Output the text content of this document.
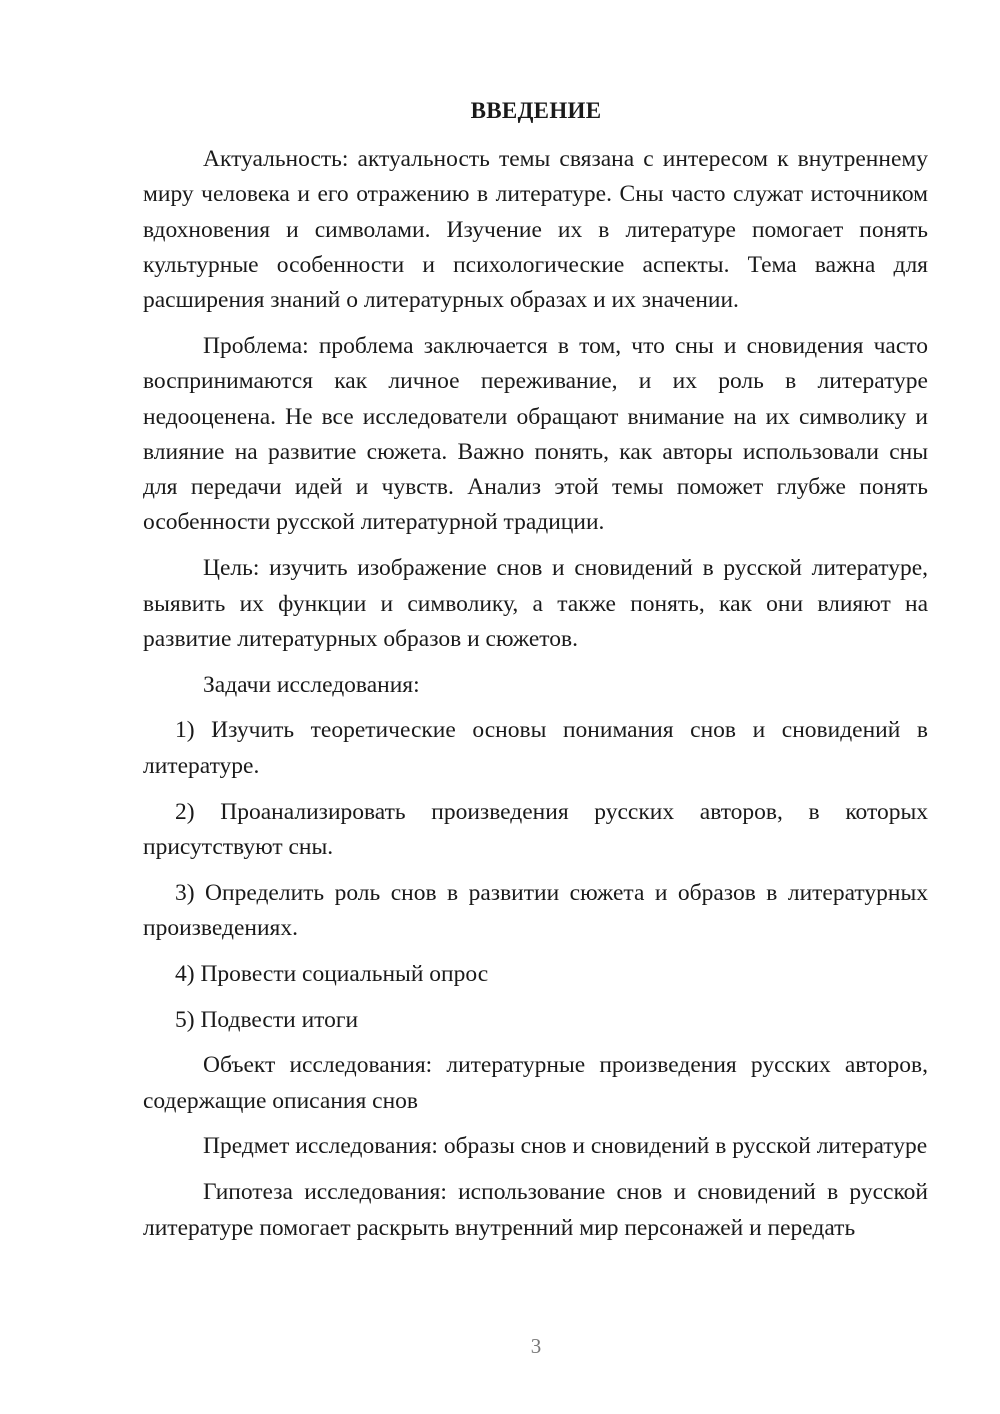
ВВЕДЕНИЕ

Актуальность: актуальность темы связана с интересом к внутреннему миру человека и его отражению в литературе. Сны часто служат источником вдохновения и символами. Изучение их в литературе помогает понять культурные особенности и психологические аспекты. Тема важна для расширения знаний о литературных образах и их значении.

Проблема: проблема заключается в том, что сны и сновидения часто воспринимаются как личное переживание, и их роль в литературе недооценена. Не все исследователи обращают внимание на их символику и влияние на развитие сюжета. Важно понять, как авторы использовали сны для передачи идей и чувств. Анализ этой темы поможет глубже понять особенности русской литературной традиции.

Цель: изучить изображение снов и сновидений в русской литературе, выявить их функции и символику, а также понять, как они влияют на развитие литературных образов и сюжетов.

Задачи исследования:

1) Изучить теоретические основы понимания снов и сновидений в литературе.

2) Проанализировать произведения русских авторов, в которых присутствуют сны.

3) Определить роль снов в развитии сюжета и образов в литературных произведениях.

4) Провести социальный опрос

5) Подвести итоги

Объект исследования: литературные произведения русских авторов, содержащие описания снов

Предмет исследования: образы снов и сновидений в русской литературе

Гипотеза исследования: использование снов и сновидений в русской литературе помогает раскрыть внутренний мир персонажей и передать

3
